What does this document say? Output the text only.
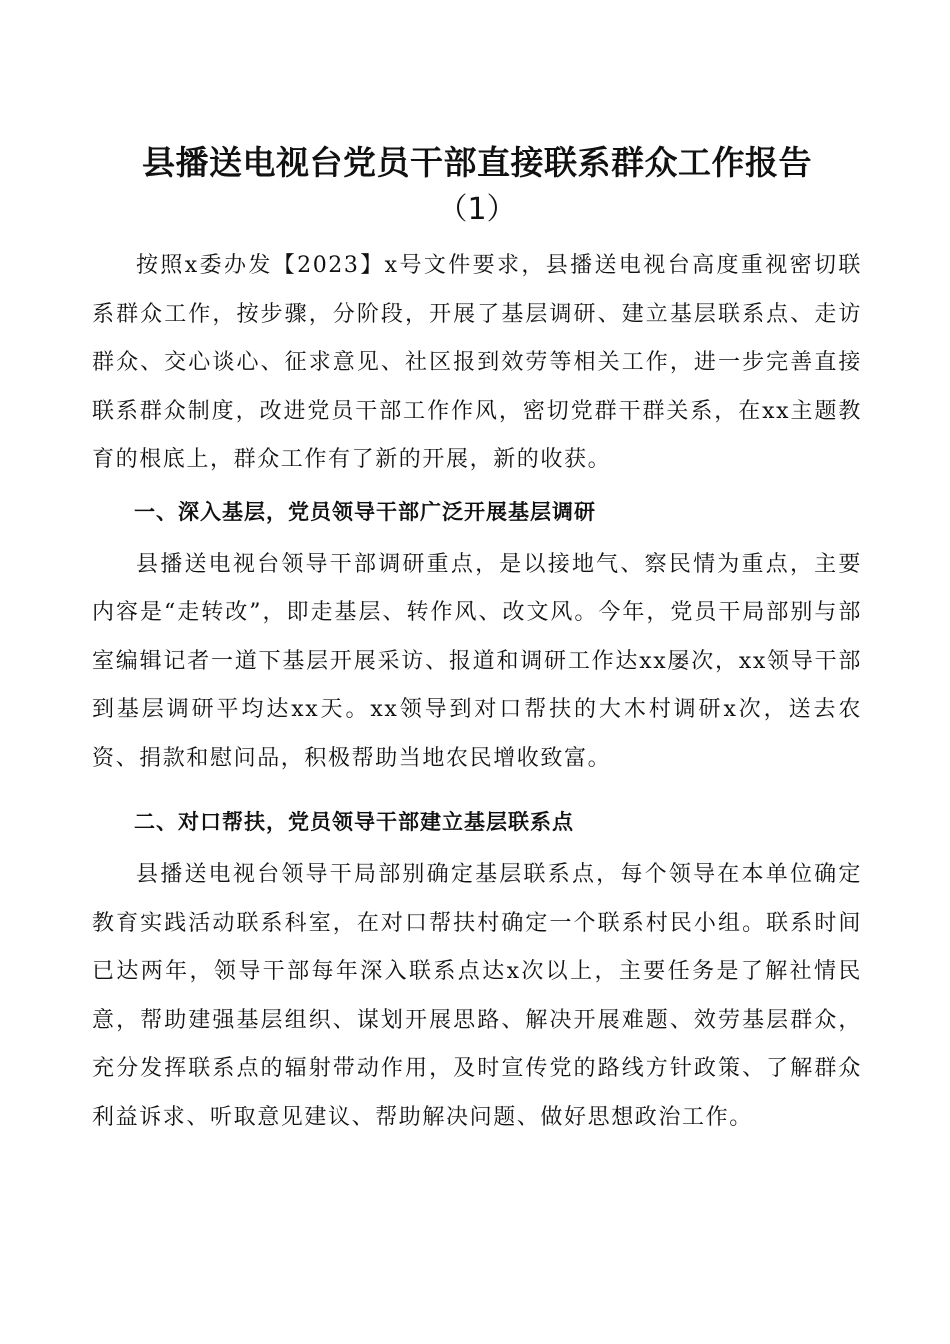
县播送电视台党员干部直接联系群众工作报告
（1）

按照x委办发【2023】x号文件要求，县播送电视台高度重视密切联系群众工作，按步骤，分阶段，开展了基层调研、建立基层联系点、走访群众、交心谈心、征求意见、社区报到效劳等相关工作，进一步完善直接联系群众制度，改进党员干部工作作风，密切党群干群关系，在xx主题教育的根底上，群众工作有了新的开展，新的收获。

一、深入基层，党员领导干部广泛开展基层调研

县播送电视台领导干部调研重点，是以接地气、察民情为重点，主要内容是“走转改”，即走基层、转作风、改文风。今年，党员干局部别与部室编辑记者一道下基层开展采访、报道和调研工作达xx屡次，xx领导干部到基层调研平均达xx天。xx领导到对口帮扶的大木村调研x次，送去农资、捐款和慰问品，积极帮助当地农民增收致富。

二、对口帮扶，党员领导干部建立基层联系点

县播送电视台领导干局部别确定基层联系点，每个领导在本单位确定教育实践活动联系科室，在对口帮扶村确定一个联系村民小组。联系时间已达两年，领导干部每年深入联系点达x次以上，主要任务是了解社情民意，帮助建强基层组织、谋划开展思路、解决开展难题、效劳基层群众，充分发挥联系点的辐射带动作用，及时宣传党的路线方针政策、了解群众利益诉求、听取意见建议、帮助解决问题、做好思想政治工作。
